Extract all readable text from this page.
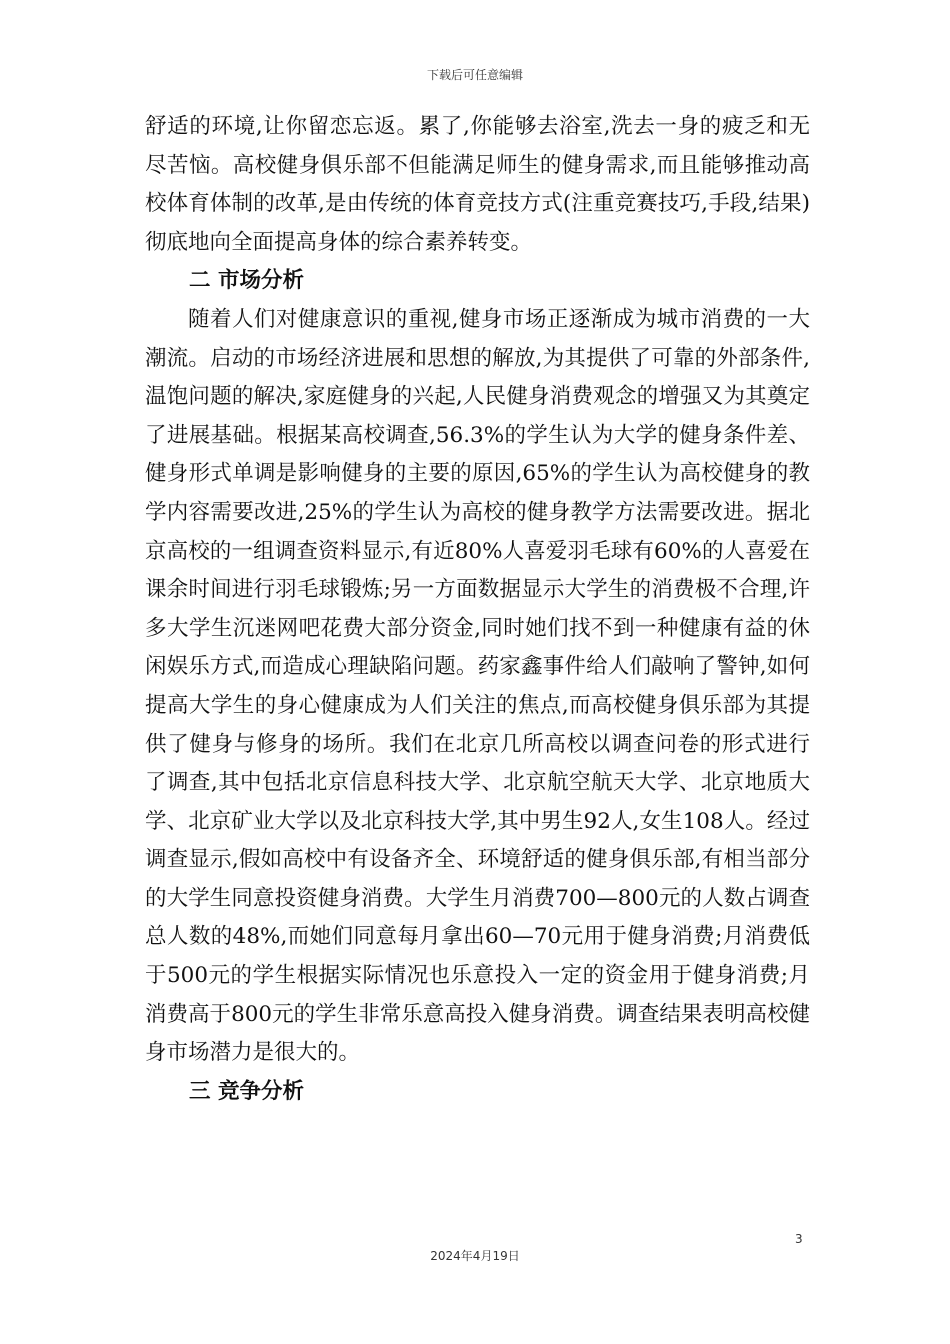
下载后可任意编辑

舒适的环境,让你留恋忘返。累了,你能够去浴室,洗去一身的疲乏和无尽苦恼。高校健身俱乐部不但能满足师生的健身需求,而且能够推动高校体育体制的改革,是由传统的体育竞技方式(注重竞赛技巧,手段,结果)彻底地向全面提高身体的综合素养转变。

二 市场分析

随着人们对健康意识的重视,健身市场正逐渐成为城市消费的一大潮流。启动的市场经济进展和思想的解放,为其提供了可靠的外部条件,温饱问题的解决,家庭健身的兴起,人民健身消费观念的增强又为其奠定了进展基础。根据某高校调查,56.3%的学生认为大学的健身条件差、健身形式单调是影响健身的主要的原因,65%的学生认为高校健身的教学内容需要改进,25%的学生认为高校的健身教学方法需要改进。据北京高校的一组调查资料显示,有近80%人喜爱羽毛球有60%的人喜爱在课余时间进行羽毛球锻炼;另一方面数据显示大学生的消费极不合理,许多大学生沉迷网吧花费大部分资金,同时她们找不到一种健康有益的休闲娱乐方式,而造成心理缺陷问题。药家鑫事件给人们敲响了警钟,如何提高大学生的身心健康成为人们关注的焦点,而高校健身俱乐部为其提供了健身与修身的场所。我们在北京几所高校以调查问卷的形式进行了调查,其中包括北京信息科技大学、北京航空航天大学、北京地质大学、北京矿业大学以及北京科技大学,其中男生92人,女生108人。经过调查显示,假如高校中有设备齐全、环境舒适的健身俱乐部,有相当部分的大学生同意投资健身消费。大学生月消费700—800元的人数占调查总人数的48%,而她们同意每月拿出60—70元用于健身消费;月消费低于500元的学生根据实际情况也乐意投入一定的资金用于健身消费;月消费高于800元的学生非常乐意高投入健身消费。调查结果表明高校健身市场潜力是很大的。

三 竞争分析
3
2024年4月19日
